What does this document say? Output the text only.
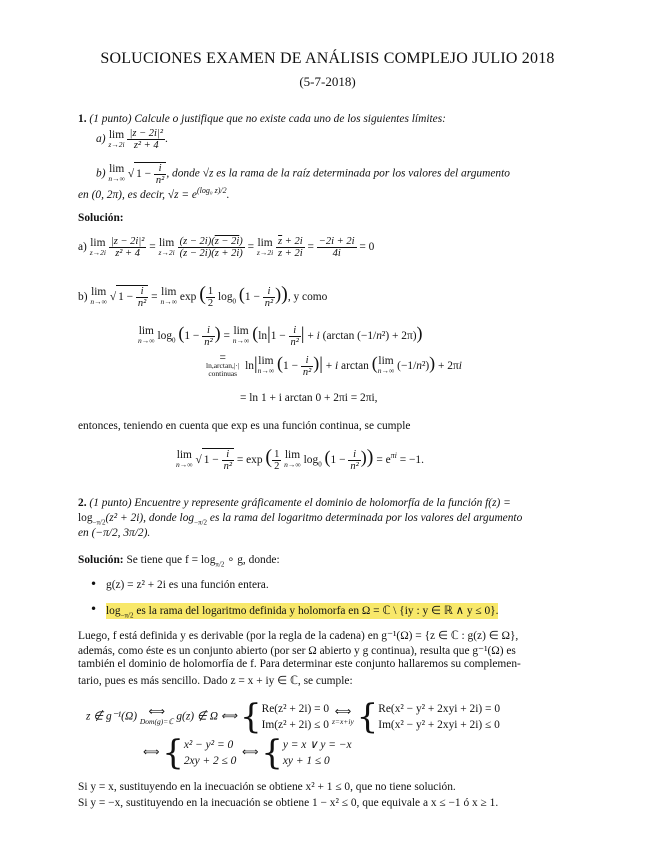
SOLUCIONES EXAMEN DE ANÁLISIS COMPLEJO JULIO 2018
(5-7-2018)
1. (1 punto) Calcule o justifique que no existe cada uno de los siguientes límites:
a) lim
z→2i
$\frac{\text{|z − 2i|²}}{\text{z² + 4}}$ .
b) lim
n→∞ √ $1 - \frac{i}{\text{n²}}$ , donde √z es la rama de la raíz determinada por los valores del argumento
en (0, 2π), es decir, $√z = e^{(log_0 z)/2}$.
Solución:
a) lim
z→2i
$\frac{\text{|z − 2i|²}}{\text{z² + 4}} = \lim$
z→2i
$\frac{(z - 2i)(z - 2i)}{(z - 2i)(z + 2i)} = \lim$
z→2i
$\frac{\overline{z} + 2i}{z + 2i} = \frac{-2i + 2i}{4i} = 0$
b) lim
n→∞ √ $1 - \frac{i}{\text{n²}} = \lim$
n→∞ exp ( $\frac{1}{2} \log_0 (1 - \frac{i}{\text{n²}}$ )), y como
lim
n→∞ $\log_0 (1 - \frac{i}{\text{n²}}$ ) = lim
n→∞ ($\ln|1 - \frac{i}{\text{n²}}$ | + i (arctan (−1/n²) + 2π))
=
ln,arctan,|·|
continuas
ln| lim
n→∞ ($1 - \frac{i}{\text{n²}}$ )| + i arctan ( lim
n→∞ (−1/n²)) + 2πi
= ln 1 + i arctan 0 + 2πi = 2πi,
entonces, teniendo en cuenta que exp es una función continua, se cumple
lim
n→∞ √ $1 - \frac{i}{\text{n²}} = \exp$ ( $\frac{1}{2}$
lim
n→∞ $\log_0 (1 - \frac{i}{\text{n²}}$ )) = $e^{\pi i} = -1$.
2. (1 punto) Encuentre y represente gráficamente el dominio de holomorfía de la función f(z) =
$\log_{-\pi/2}(z^2 + 2i)$, donde $\log_{-\pi/2}$ es la rama del logaritmo determinada por los valores del argumento
en (−π/2, 3π/2).
Solución: Se tiene que $f = \log_{\pi/2}$ ∘ g, donde:
• g(z) = z² + 2i es una función entera.
• $\log_{-\pi/2}$ es la rama del logaritmo definida y holomorfa en Ω = ℂ \ {iy : y ∈ ℝ ∧ y ≤ 0}.
Luego, f está definida y es derivable (por la regla de la cadena) en g⁻¹(Ω) = {z ∈ ℂ : g(z) ∈ Ω},
además, como éste es un conjunto abierto (por ser Ω abierto y g continua), resulta que g⁻¹(Ω) es
también el dominio de holomorfía de f. Para determinar este conjunto hallaremos su complemen-
tario, pues es más sencillo. Dado z = x + iy ∈ ℂ, se cumple:
z ∉ g⁻¹(Ω)	⟺
Dom(g)=ℂ g(z) ∉ Ω ⟺ { Re(z² + 2i) = 0
Im(z² + 2i) ≤ 0

⟺
z=x+iy { Re(x² − y² + 2xyi + 2i) = 0
Im(x² − y² + 2xyi + 2i) ≤ 0
⟺ { x² − y² = 0
2xy + 2 ≤ 0
⟺ { y = x ∨ y = −x
xy + 1 ≤ 0
Si y = x, sustituyendo en la inecuación se obtiene x² + 1 ≤ 0, que no tiene solución.
Si y = −x, sustituyendo en la inecuación se obtiene 1 − x² ≤ 0, que equivale a x ≤ −1 ó x ≥ 1.
